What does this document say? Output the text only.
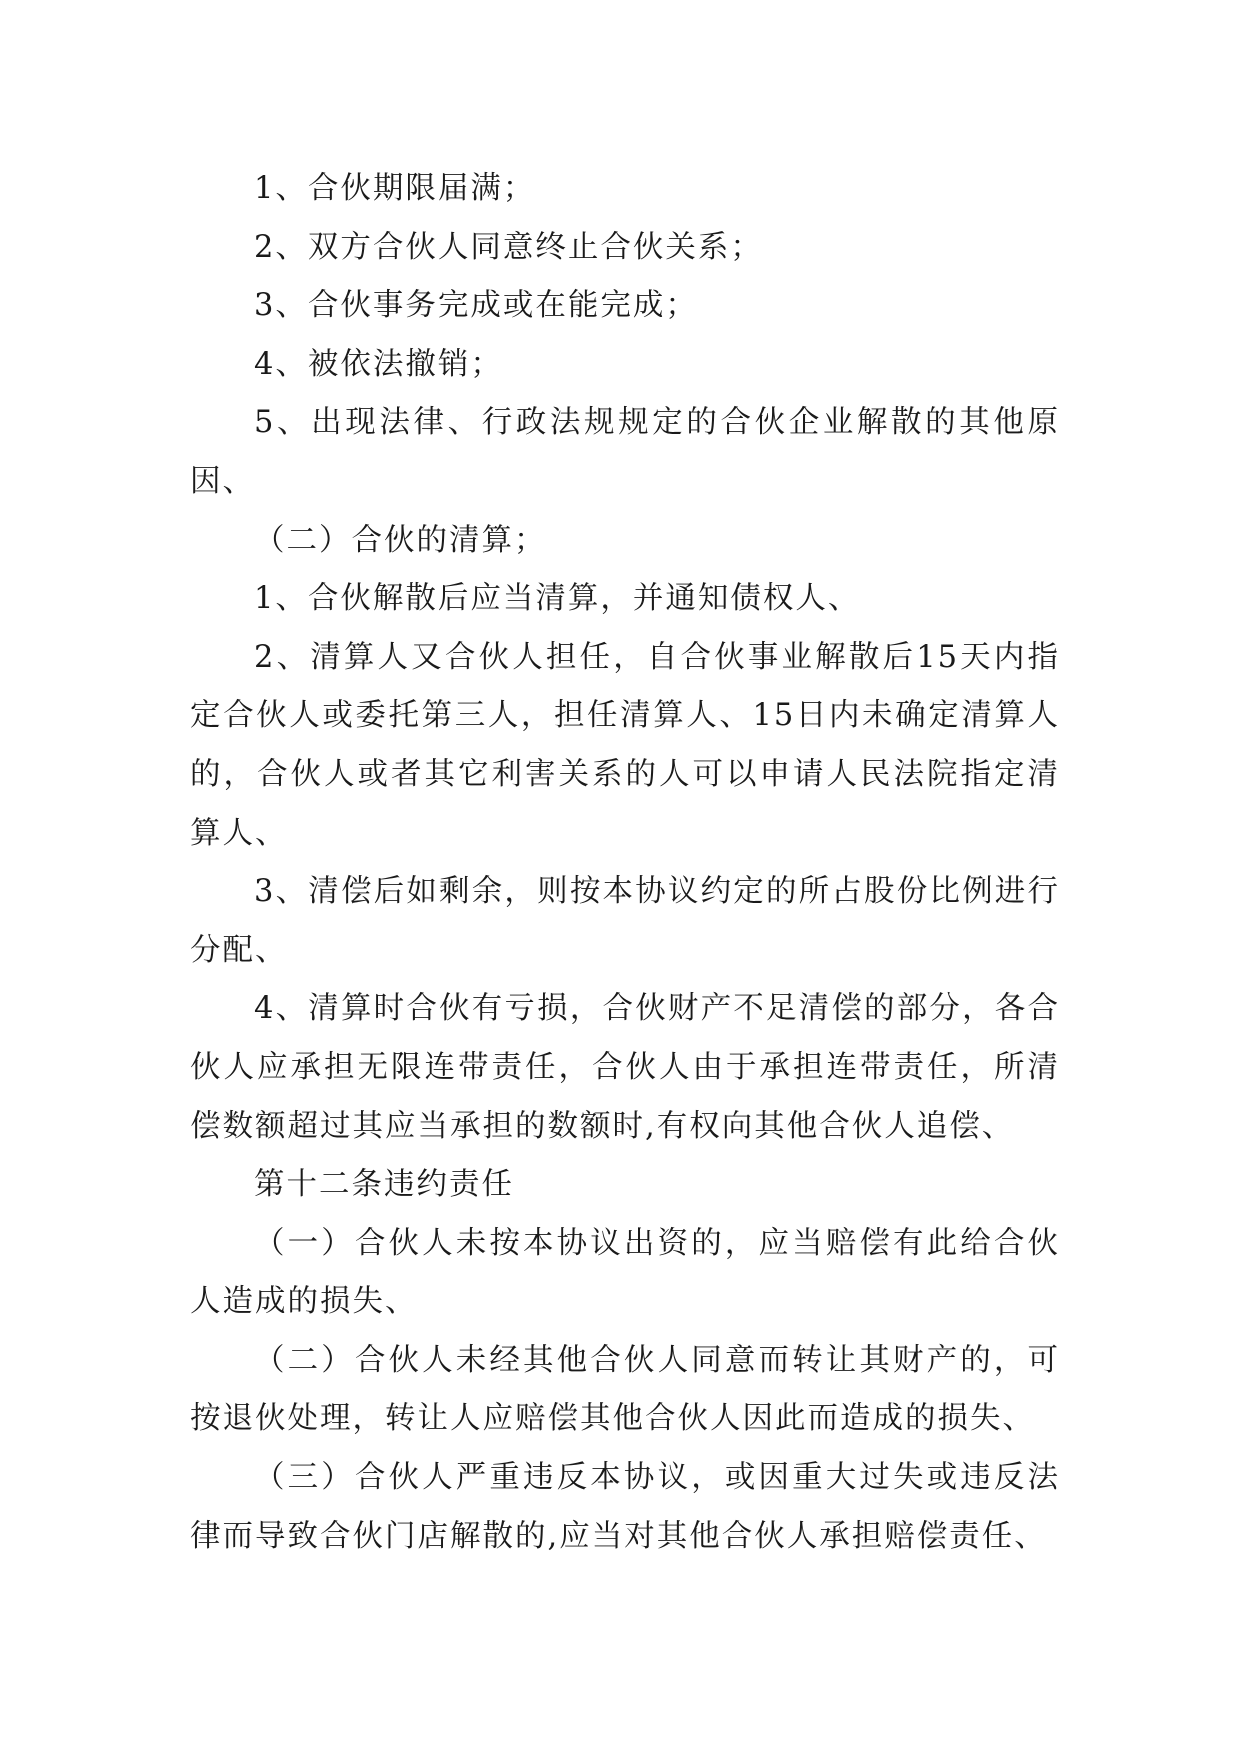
1、合伙期限届满；

2、双方合伙人同意终止合伙关系；

3、合伙事务完成或在能完成；

4、被依法撤销；

5、出现法律、行政法规规定的合伙企业解散的其他原因、

（二）合伙的清算；

1、合伙解散后应当清算，并通知债权人、

2、清算人又合伙人担任，自合伙事业解散后15天内指定合伙人或委托第三人，担任清算人、15日内未确定清算人的，合伙人或者其它利害关系的人可以申请人民法院指定清算人、

3、清偿后如剩余，则按本协议约定的所占股份比例进行分配、

4、清算时合伙有亏损，合伙财产不足清偿的部分，各合伙人应承担无限连带责任，合伙人由于承担连带责任，所清偿数额超过其应当承担的数额时,有权向其他合伙人追偿、

第十二条违约责任

（一）合伙人未按本协议出资的，应当赔偿有此给合伙人造成的损失、

（二）合伙人未经其他合伙人同意而转让其财产的，可按退伙处理，转让人应赔偿其他合伙人因此而造成的损失、

（三）合伙人严重违反本协议，或因重大过失或违反法律而导致合伙门店解散的,应当对其他合伙人承担赔偿责任、
